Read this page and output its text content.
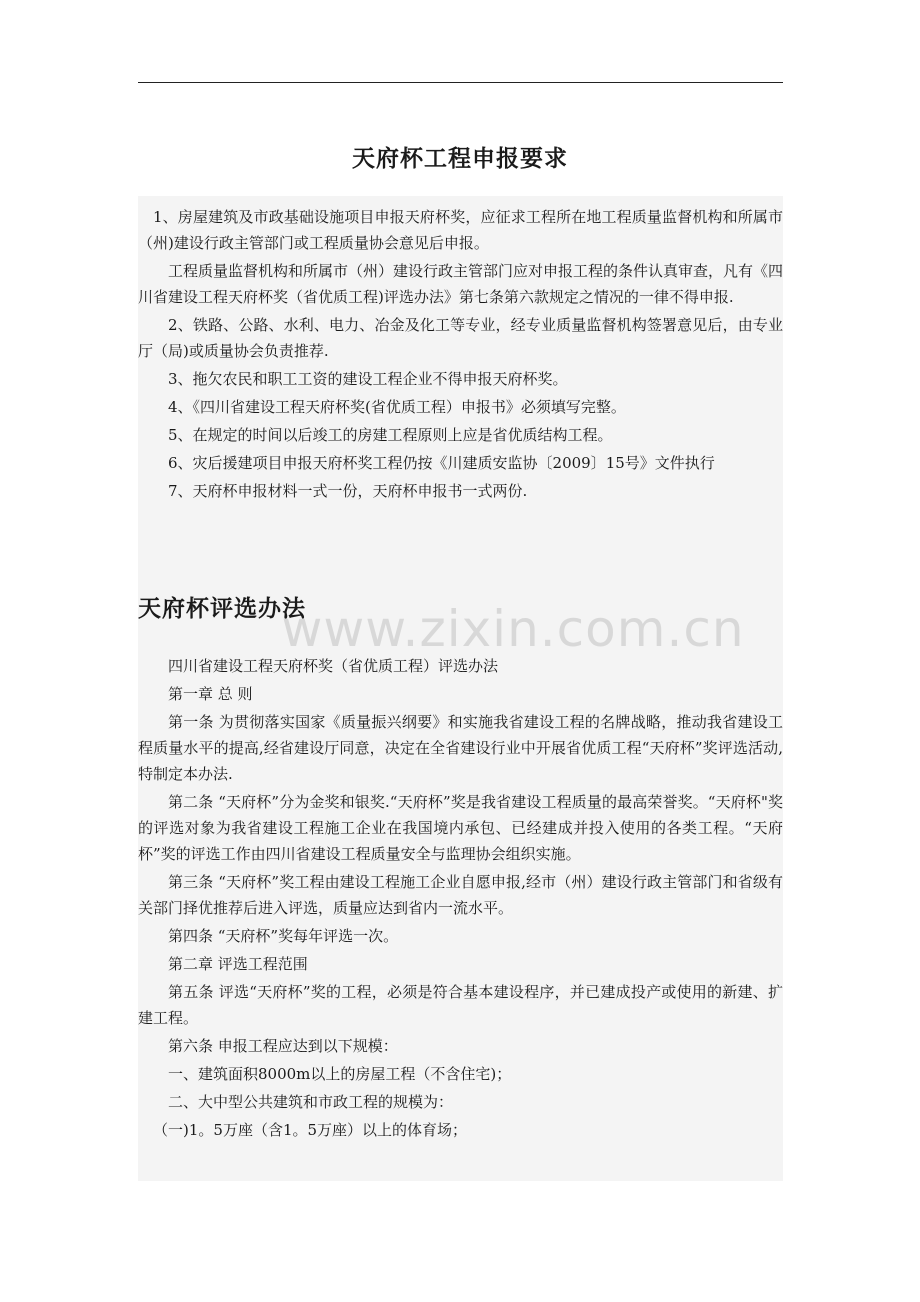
天府杯工程申报要求

1、房屋建筑及市政基础设施项目申报天府杯奖，应征求工程所在地工程质量监督机构和所属市（州)建设行政主管部门或工程质量协会意见后申报。

工程质量监督机构和所属市（州）建设行政主管部门应对申报工程的条件认真审查，凡有《四川省建设工程天府杯奖（省优质工程)评选办法》第七条第六款规定之情况的一律不得申报.

2、铁路、公路、水利、电力、冶金及化工等专业，经专业质量监督机构签署意见后，由专业厅（局)或质量协会负责推荐.

3、拖欠农民和职工工资的建设工程企业不得申报天府杯奖。

4、《四川省建设工程天府杯奖(省优质工程）申报书》必须填写完整。

5、在规定的时间以后竣工的房建工程原则上应是省优质结构工程。

6、灾后援建项目申报天府杯奖工程仍按《川建质安监协〔2009〕15号》文件执行

7、天府杯申报材料一式一份，天府杯申报书一式两份.

天府杯评选办法
www.zixin.com.cn

四川省建设工程天府杯奖（省优质工程）评选办法

第一章 总 则

第一条 为贯彻落实国家《质量振兴纲要》和实施我省建设工程的名牌战略，推动我省建设工程质量水平的提高,经省建设厅同意，决定在全省建设行业中开展省优质工程“天府杯”奖评选活动,特制定本办法.

第二条 “天府杯”分为金奖和银奖.“天府杯”奖是我省建设工程质量的最高荣誉奖。“天府杯"奖的评选对象为我省建设工程施工企业在我国境内承包、已经建成并投入使用的各类工程。“天府杯”奖的评选工作由四川省建设工程质量安全与监理协会组织实施。

第三条 “天府杯”奖工程由建设工程施工企业自愿申报,经市（州）建设行政主管部门和省级有关部门择优推荐后进入评选，质量应达到省内一流水平。

第四条 “天府杯”奖每年评选一次。

第二章 评选工程范围

第五条 评选“天府杯”奖的工程，必须是符合基本建设程序，并已建成投产或使用的新建、扩建工程。

第六条 申报工程应达到以下规模：

一、建筑面积8000m以上的房屋工程（不含住宅)；

二、大中型公共建筑和市政工程的规模为：

（一)1。5万座（含1。5万座）以上的体育场；
